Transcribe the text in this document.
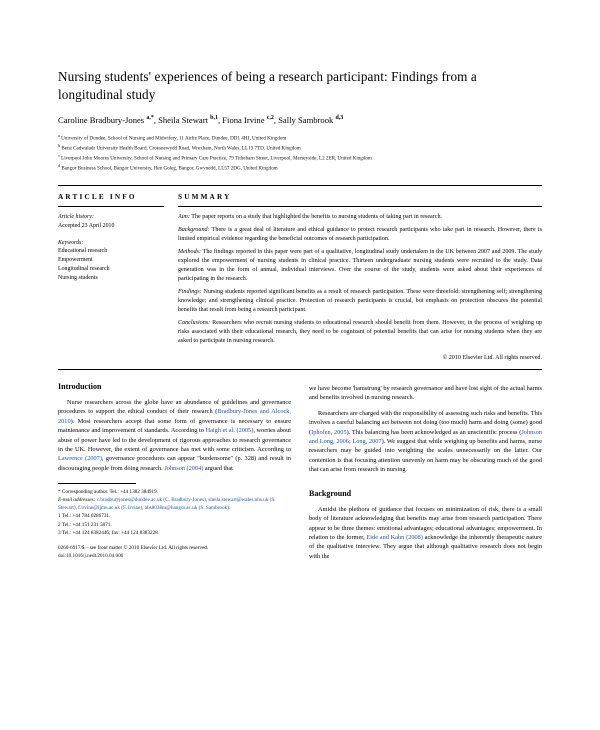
Nursing students' experiences of being a research participant: Findings from a longitudinal study
Caroline Bradbury-Jones $^{a,*}$, Sheila Stewart $^{b,1}$, Fiona Irvine $^{c,2}$, Sally Sambrook $^{d,3}$
$^a$ University of Dundee, School of Nursing and Midwifery, 11 Airlie Place, Dundee, DD1 4HJ, United Kingdom
$^b$ Betsi Cadwaladr University Health Board, Croesnewydd Road, Wrexham, North Wales, LL13 7TD, United Kingdom
$^c$ Liverpool John Moores University, School of Nursing and Primary Care Practice, 79 Tithebarn Street, Liverpool, Merseyside, L2 2ER, United Kingdom
$^d$ Bangor Business School, Bangor University, Hen Goleg, Bangor, Gwynedd, LL57 2DG, United Kingdom
ARTICLE INFO
Article history:
Accepted 23 April 2010
Keywords:
Educational research
Empowerment
Longitudinal research
Nursing students
SUMMARY

Aim: The paper reports on a study that highlighted the benefits to nursing students of taking part in research.

Background: There is a great deal of literature and ethical guidance to protect research participants who take part in research. However, there is limited empirical evidence regarding the beneficial outcomes of research participation.

Methods: The findings reported in this paper were part of a qualitative, longitudinal study undertaken in the UK between 2007 and 2009. The study explored the empowerment of nursing students in clinical practice. Thirteen undergraduate nursing students were recruited to the study. Data generation was in the form of annual, individual interviews. Over the course of the study, students were asked about their experiences of participating in the research.

Findings: Nursing students reported significant benefits as a result of research participation. These were threefold: strengthening self; strengthening knowledge; and strengthening clinical practice. Protection of research participants is crucial, but emphasis on protection obscures the potential benefits that result from being a research participant.

Conclusions: Researchers who recruit nursing students to educational research should benefit from them. However, in the process of weighing up risks associated with their educational research, they need to be cognizant of potential benefits that can arise for nursing students when they are asked to participate in nursing research.

© 2010 Elsevier Ltd. All rights reserved.
Introduction

Nurse researchers across the globe have an abundance of guidelines and governance procedures to support the ethical conduct of their research (Bradbury-Jones and Alcock, 2010). Most researchers accept that some form of governance is necessary to ensure maintenance and improvement of standards. According to Haigh et al. (2005), worries about abuse of power have led to the development of rigorous approaches to research governance in the UK. However, the extent of governance has met with some criticism. According to Lawrence (2007), governance procedures can appear "burdensome" (p. 328) and result in discouraging people from doing research. Johnson (2004) argued that

* Corresponding author. Tel.: +44 1382 384919.
E-mail addresses: c.bradburyjones@dundee.ac.uk (C. Bradbury-Jones), sheila.stewart@wales.nhs.uk (S. Stewart), f.irvine@ljmu.ac.uk (F. Irvine), abs8038m@bangor.ac.uk (S. Sambrook).
1 Tel.: +44 784 0286731.
2 Tel.: +44 151 231 5871.
3 Tel.: +44 124 8382446; fax: +44 124 8383228.
0260-6917/$ – see front matter © 2010 Elsevier Ltd. All rights reserved.
doi:10.1016/j.nedt.2010.04.006

we have become 'hamstrung' by research governance and have lost sight of the actual harms and benefits involved in nursing research.

Researchers are charged with the responsibility of assessing such risks and benefits. This involves a careful balancing act between not doing (too much) harm and doing (some) good (Iphofen, 2005). This balancing has been acknowledged as an unscientific process (Johnson and Long, 2006; Long, 2007). We suggest that while weighing up benefits and harms, nurse researchers may be guided into weighting the scales unnecessarily on the latter. Our contention is that focusing attention unevenly on harm may be obscuring much of the good that can arise from research in nursing.

Background

Amidst the plethora of guidance that focuses on minimization of risk, there is a small body of literature acknowledging that benefits may arise from research participation. There appear to be three themes: emotional advantages; educational advantages; empowerment. In relation to the former, Eide and Kahn (2008) acknowledge the inherently therapeutic nature of the qualitative interview. They argue that although qualitative research does not begin with the
